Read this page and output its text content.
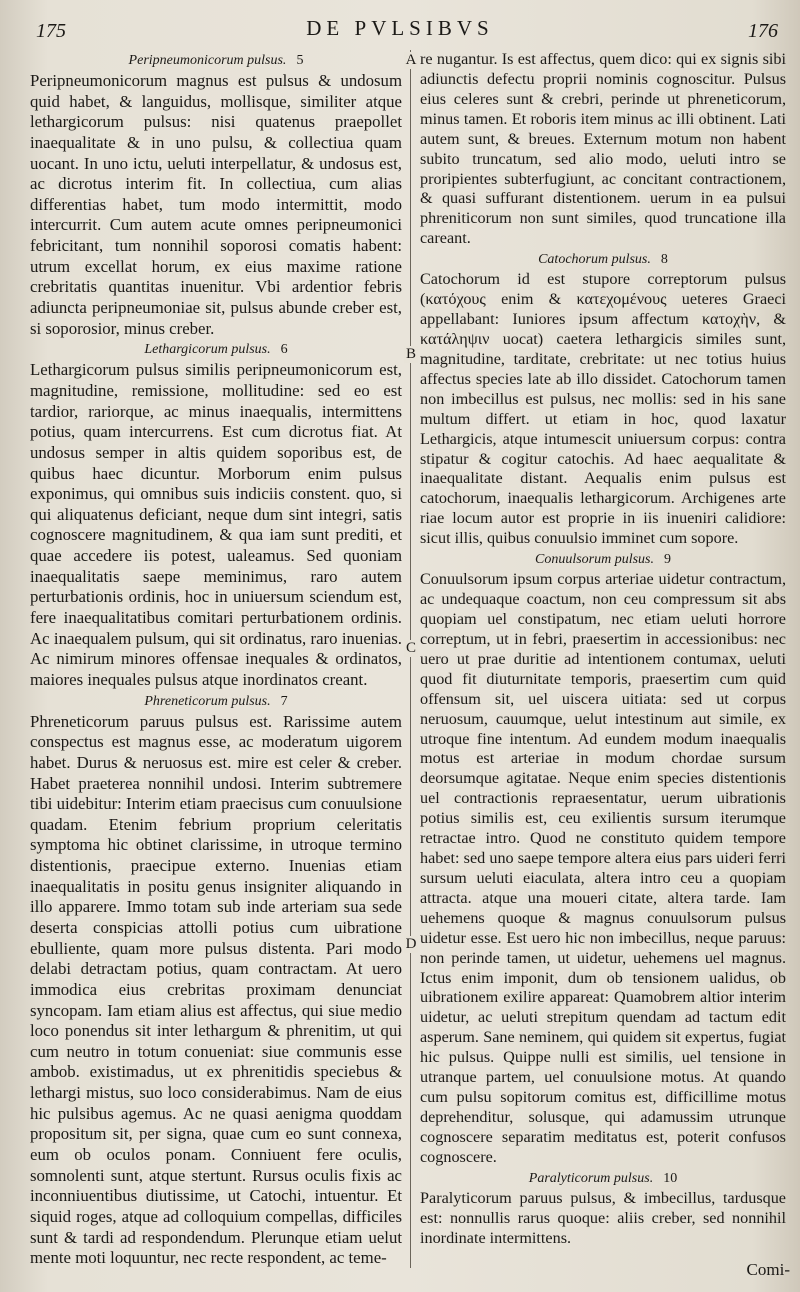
175	DE PVLSIBVS	176
Peripneumonicorum pulsus. 5

Peripneumonicorum magnus est pulsus & undosum quid habet, & languidus, mollisque, similiter atque lethargicorum pulsus: nisi quatenus praepollet inaequalitate & in uno pulsu, & collectiua quam uocant. In uno ictu, ueluti interpellatur, & undosus est, ac dicrotus interim fit. In collectiua, cum alias differentias habet, tum modo intermittit, modo intercurrit. Cum autem acute omnes peripneumonici febricitant, tum nonnihil soporosi comatis habent: utrum excellat horum, ex eius maxime ratione crebritatis quantitas inuenitur. Vbi ardentior febris adiuncta peripneumoniae sit, pulsus abunde creber est, si soporosior, minus creber.

Lethargicorum pulsus. 6

Lethargicorum pulsus similis peripneumonicorum est, magnitudine, remissione, mollitudine: sed eo est tardior, rariorque, ac minus inaequalis, intermittens potius, quam intercurrens. Est cum dicrotus fiat. At undosus semper in altis quidem soporibus est, de quibus haec dicuntur. Morborum enim pulsus exponimus, qui omnibus suis indiciis constent. quo, si qui aliquatenus deficiant, neque dum sint integri, satis cognoscere magnitudinem, & qua iam sunt prediti, et quae accedere iis potest, ualeamus. Sed quoniam inaequalitatis saepe meminimus, raro autem perturbationis ordinis, hoc in uniuersum sciendum est, fere inaequalitatibus comitari perturbationem ordinis. Ac inaequalem pulsum, qui sit ordinatus, raro inuenias. Ac nimirum minores offensae inequales & ordinatos, maiores inequales pulsus atque inordinatos creant.

Phreneticorum pulsus. 7

Phreneticorum paruus pulsus est. Rarissime autem conspectus est magnus esse, ac moderatum uigorem habet. Durus & neruosus est. mire est celer & creber. Habet praeterea nonnihil undosi. Interim subtremere tibi uidebitur: Interim etiam praecisus cum conuulsione quadam. Etenim febrium proprium celeritatis symptoma hic obtinet clarissime, in utroque termino distentionis, praecipue externo. Inuenias etiam inaequalitatis in positu genus insigniter aliquando in illo apparere. Immo totam sub inde arteriam sua sede deserta conspicias attolli potius cum uibratione ebulliente, quam more pulsus distenta. Pari modo delabi detractam potius, quam contractam. At uero immodica eius crebritas proximam denunciat syncopam. Iam etiam alius est affectus, qui siue medio loco ponendus sit inter lethargum & phrenitim, ut qui cum neutro in totum conueniat: siue communis esse ambob. existimadus, ut ex phrenitidis speciebus & lethargi mistus, suo loco considerabimus. Nam de eius hic pulsibus agemus. Ac ne quasi aenigma quoddam propositum sit, per signa, quae cum eo sunt connexa, eum ob oculos ponam. Conniuent fere oculis, somnolenti sunt, atque stertunt. Rursus oculis fixis ac inconniuentibus diutissime, ut Catochi, intuentur. Et siquid roges, atque ad colloquium compellas, difficiles sunt & tardi ad respondendum. Plerunque etiam uelut mente moti loquuntur, nec recte respondent, ac teme-

A
B
C
D

re nugantur. Is est affectus, quem dico: qui ex signis sibi adiunctis defectu proprii nominis cognoscitur. Pulsus eius celeres sunt & crebri, perinde ut phreneticorum, minus tamen. Et roboris item minus ac illi obtinent. Lati autem sunt, & breues. Externum motum non habent subito truncatum, sed alio modo, ueluti intro se proripientes subterfugiunt, ac concitant contractionem, & quasi suffurant distentionem. uerum in ea pulsui phreniticorum non sunt similes, quod truncatione illa careant.

Catochorum pulsus. 8

Catochorum id est stupore correptorum pulsus (κατόχους enim & κατεχομένους ueteres Graeci appellabant: Iuniores ipsum affectum κατοχὴν, & κατάληψιν uocat) caetera lethargicis similes sunt, magnitudine, tarditate, crebritate: ut nec totius huius affectus species late ab illo dissidet. Catochorum tamen non imbecillus est pulsus, nec mollis: sed in his sane multum differt. ut etiam in hoc, quod laxatur Lethargicis, atque intumescit uniuersum corpus: contra stipatur & cogitur catochis. Ad haec aequalitate & inaequalitate distant. Aequalis enim pulsus est catochorum, inaequalis lethargicorum. Archigenes arte riae locum autor est proprie in iis inueniri calidiore: sicut illis, quibus conuulsio imminet cum sopore.

Conuulsorum pulsus. 9

Conuulsorum ipsum corpus arteriae uidetur contractum, ac undequaque coactum, non ceu compressum sit abs quopiam uel constipatum, nec etiam ueluti horrore correptum, ut in febri, praesertim in accessionibus: nec uero ut prae duritie ad intentionem contumax, ueluti quod fit diuturnitate temporis, praesertim cum quid offensum sit, uel uiscera uitiata: sed ut corpus neruosum, cauumque, uelut intestinum aut simile, ex utroque fine intentum. Ad eundem modum inaequalis motus est arteriae in modum chordae sursum deorsumque agitatae. Neque enim species distentionis uel contractionis repraesentatur, uerum uibrationis potius similis est, ceu exilientis sursum iterumque retractae intro. Quod ne constituto quidem tempore habet: sed uno saepe tempore altera eius pars uideri ferri sursum ueluti eiaculata, altera intro ceu a quopiam attracta. atque una moueri citate, altera tarde. Iam uehemens quoque & magnus conuulsorum pulsus uidetur esse. Est uero hic non imbecillus, neque paruus: non perinde tamen, ut uidetur, uehemens uel magnus. Ictus enim imponit, dum ob tensionem ualidus, ob uibrationem exilire appareat: Quamobrem altior interim uidetur, ac ueluti strepitum quendam ad tactum edit asperum. Sane neminem, qui quidem sit expertus, fugiat hic pulsus. Quippe nulli est similis, uel tensione in utranque partem, uel conuulsione motus. At quando cum pulsu sopitorum comitus est, difficillime motus deprehenditur, solusque, qui adamussim utrunque cognoscere separatim meditatus est, poterit confusos cognoscere.

Paralyticorum pulsus. 10

Paralyticorum paruus pulsus, & imbecillus, tardusque est: nonnullis rarus quoque: aliis creber, sed nonnihil inordinate intermittens.

Comi-
